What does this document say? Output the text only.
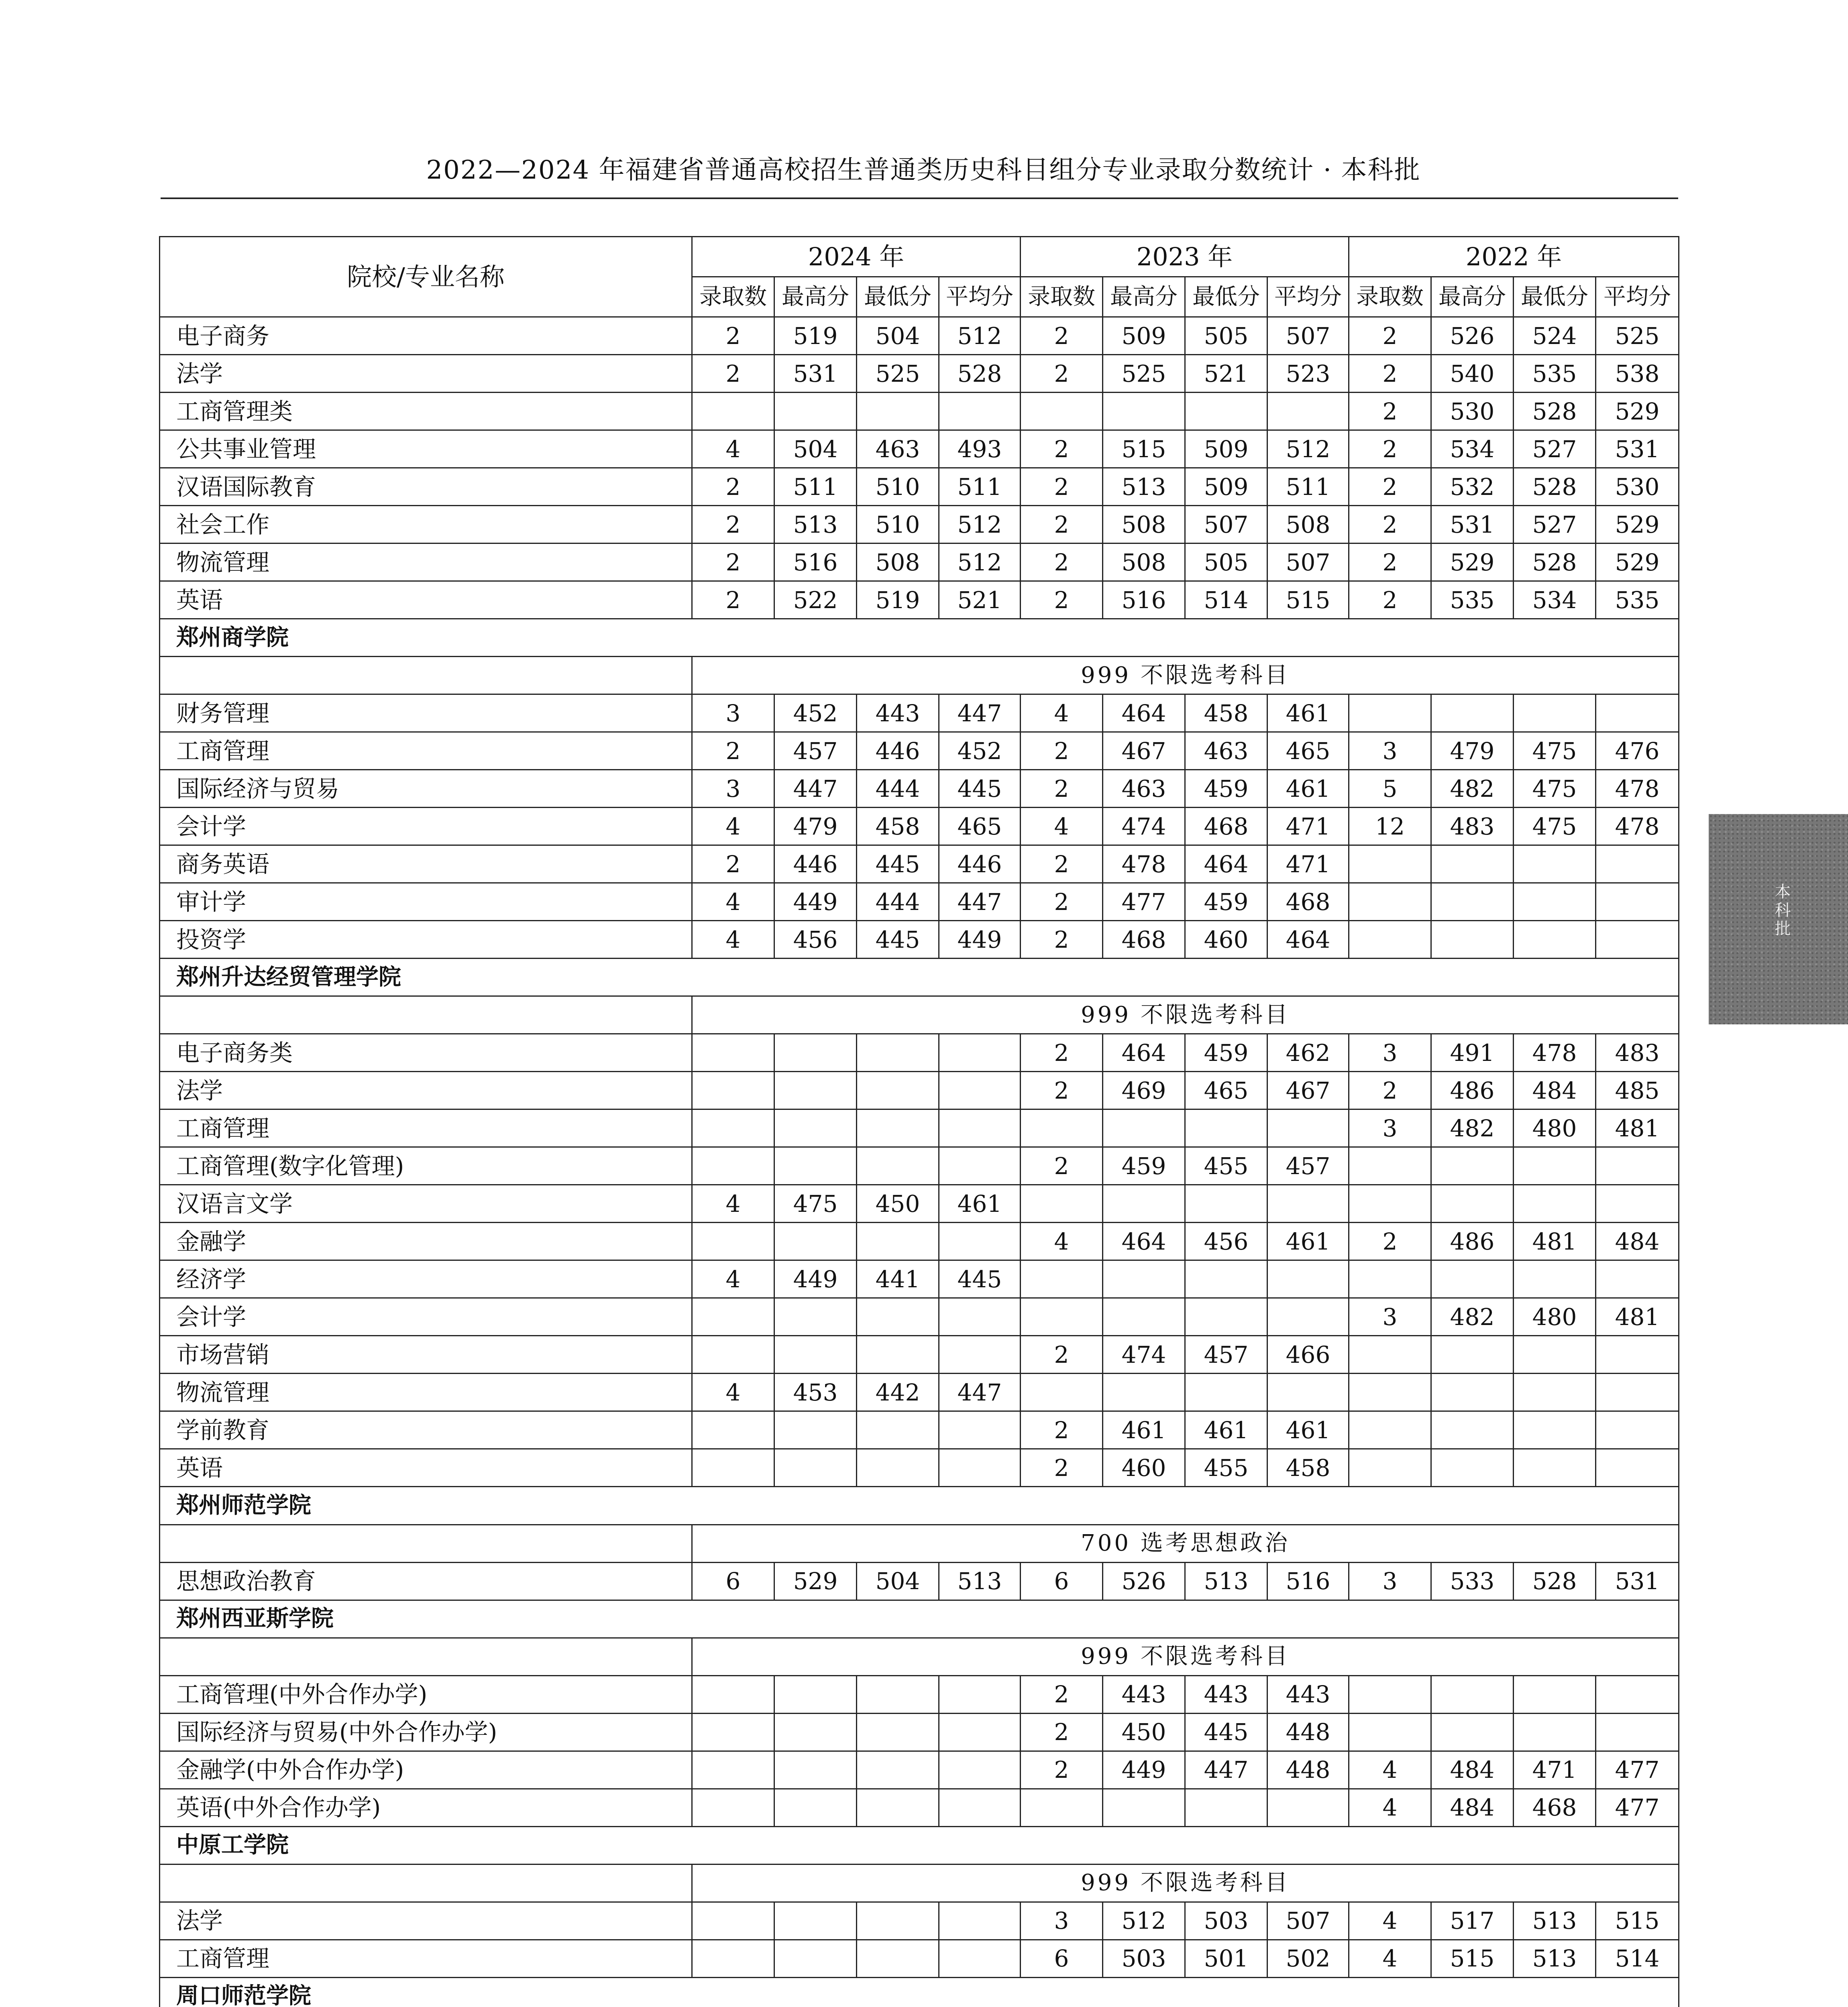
2022—2024 年福建省普通高校招生普通类历史科目组分专业录取分数统计 · 本科批
本科批
院校/专业名称	2024 年				2023 年				2022 年			
	录取数	最高分	最低分	平均分	录取数	最高分	最低分	平均分	录取数	最高分	最低分	平均分
电子商务	2	519	504	512	2	509	505	507	2	526	524	525
法学	2	531	525	528	2	525	521	523	2	540	535	538
工商管理类									2	530	528	529
公共事业管理	4	504	463	493	2	515	509	512	2	534	527	531
汉语国际教育	2	511	510	511	2	513	509	511	2	532	528	530
社会工作	2	513	510	512	2	508	507	508	2	531	527	529
物流管理	2	516	508	512	2	508	505	507	2	529	528	529
英语	2	522	519	521	2	516	514	515	2	535	534	535
郑州商学院												
	999 不限选考科目											
财务管理	3	452	443	447	4	464	458	461				
工商管理	2	457	446	452	2	467	463	465	3	479	475	476
国际经济与贸易	3	447	444	445	2	463	459	461	5	482	475	478
会计学	4	479	458	465	4	474	468	471	12	483	475	478
商务英语	2	446	445	446	2	478	464	471				
审计学	4	449	444	447	2	477	459	468				
投资学	4	456	445	449	2	468	460	464				
郑州升达经贸管理学院												
	999 不限选考科目											
电子商务类					2	464	459	462	3	491	478	483
法学					2	469	465	467	2	486	484	485
工商管理									3	482	480	481
工商管理(数字化管理)					2	459	455	457				
汉语言文学	4	475	450	461								
金融学					4	464	456	461	2	486	481	484
经济学	4	449	441	445								
会计学									3	482	480	481
市场营销					2	474	457	466				
物流管理	4	453	442	447								
学前教育					2	461	461	461				
英语					2	460	455	458				
郑州师范学院												
	700 选考思想政治											
思想政治教育	6	529	504	513	6	526	513	516	3	533	528	531
郑州西亚斯学院												
	999 不限选考科目											
工商管理(中外合作办学)					2	443	443	443				
国际经济与贸易(中外合作办学)					2	450	445	448				
金融学(中外合作办学)					2	449	447	448	4	484	471	477
英语(中外合作办学)									4	484	468	477
中原工学院												
	999 不限选考科目											
法学					3	512	503	507	4	517	513	515
工商管理					6	503	501	502	4	515	513	514
周口师范学院												
